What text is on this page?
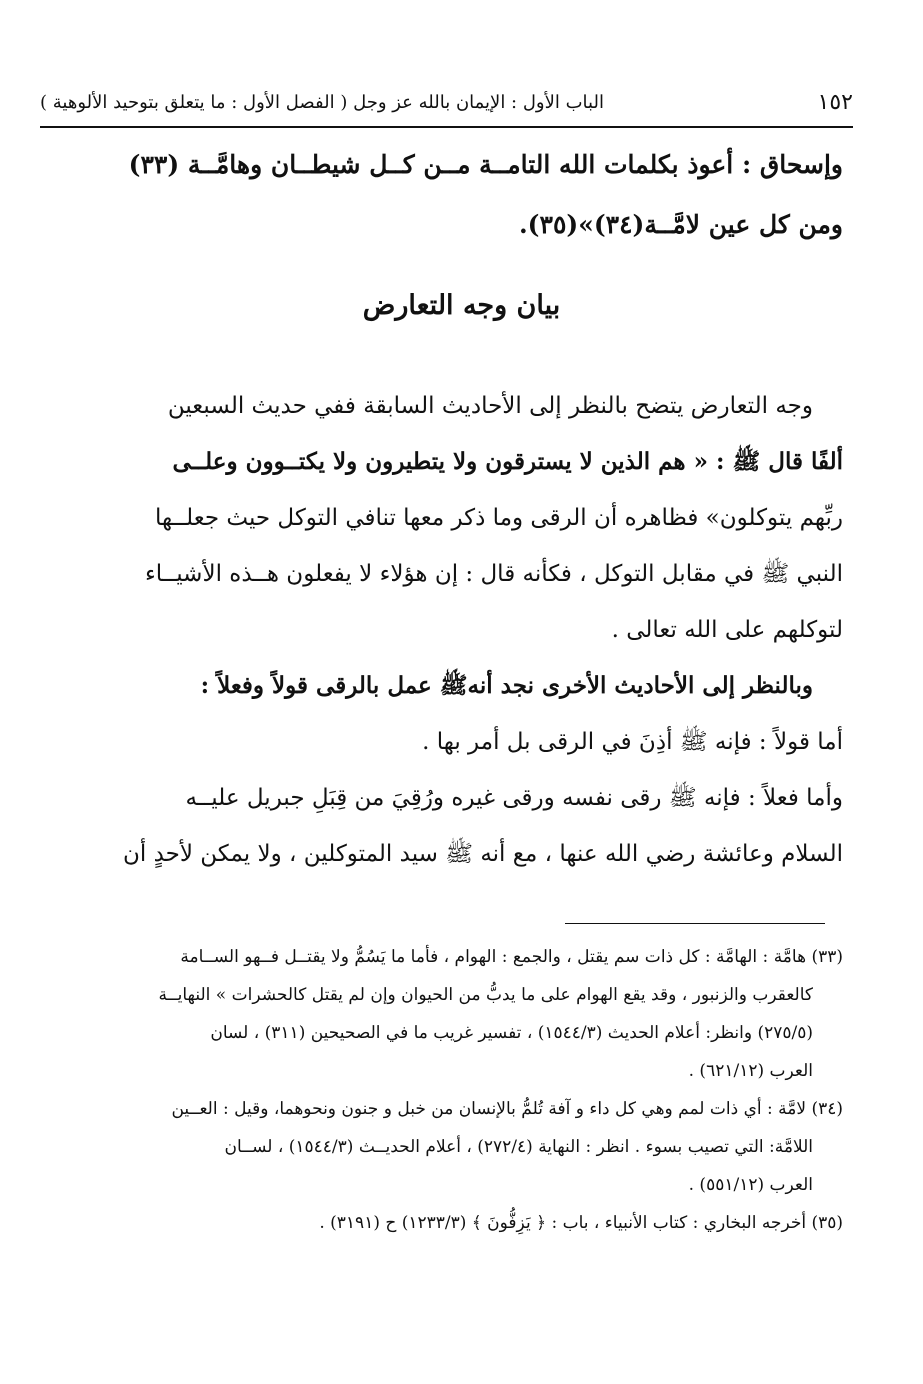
١٥٢
الباب الأول : الإيمان بالله عز وجل ( الفصل الأول : ما يتعلق بتوحيد الألوهية )
وإسحاق : أعوذ بكلمات الله التامــة مــن كــل شيطــان وهامَّــة (٣٣)
ومن كل عين لامَّــة(٣٤)»(٣٥).
بيان وجه التعارض
وجه التعارض يتضح بالنظر إلى الأحاديث السابقة ففي حديث السبعين
ألفًا قال ﷺ : « هم الذين لا يسترقون ولا يتطيرون ولا يكتــوون وعلــى
ربِّهم يتوكلون» فظاهره أن الرقى وما ذكر معها تنافي التوكل حيث جعلــها
النبي ﷺ في مقابل التوكل ، فكأنه قال : إن هؤلاء لا يفعلون هــذه الأشيــاء
لتوكلهم على الله تعالى .
وبالنظر إلى الأحاديث الأخرى نجد أنهﷺ عمل بالرقى قولاً وفعلاً :
أما قولاً : فإنه ﷺ أذِنَ في الرقى بل أمر بها .
وأما فعلاً : فإنه ﷺ رقى نفسه ورقى غيره ورُقِيَ من قِبَلِ جبريل عليــه
السلام وعائشة رضي الله عنها ، مع أنه ﷺ سيد المتوكلين ، ولا يمكن لأحدٍ أن
(٣٣) هامَّة : الهامَّة : كل ذات سم يقتل ، والجمع : الهوام ، فأما ما يَسُمُّ ولا يقتــل فــهو الســامة
كالعقرب والزنبور ، وقد يقع الهوام على ما يدبُّ من الحيوان وإن لم يقتل كالحشرات » النهايــة
(٢٧٥/٥) وانظر: أعلام الحديث (١٥٤٤/٣) ، تفسير غريب ما في الصحيحين (٣١١) ، لسان
العرب (٦٢١/١٢) .
(٣٤) لامَّة : أي ذات لمم وهي كل داء و آفة تُلمُّ بالإنسان من خبل و جنون ونحوهما، وقيل : العــين
اللامَّة: التي تصيب بسوء . انظر : النهاية (٢٧٢/٤) ، أعلام الحديــث (١٥٤٤/٣) ، لســان
العرب (٥٥١/١٢) .
(٣٥) أخرجه البخاري : كتاب الأنبياء ، باب : ﴿ يَزِفُّونَ ﴾ (١٢٣٣/٣) ح (٣١٩١) .
